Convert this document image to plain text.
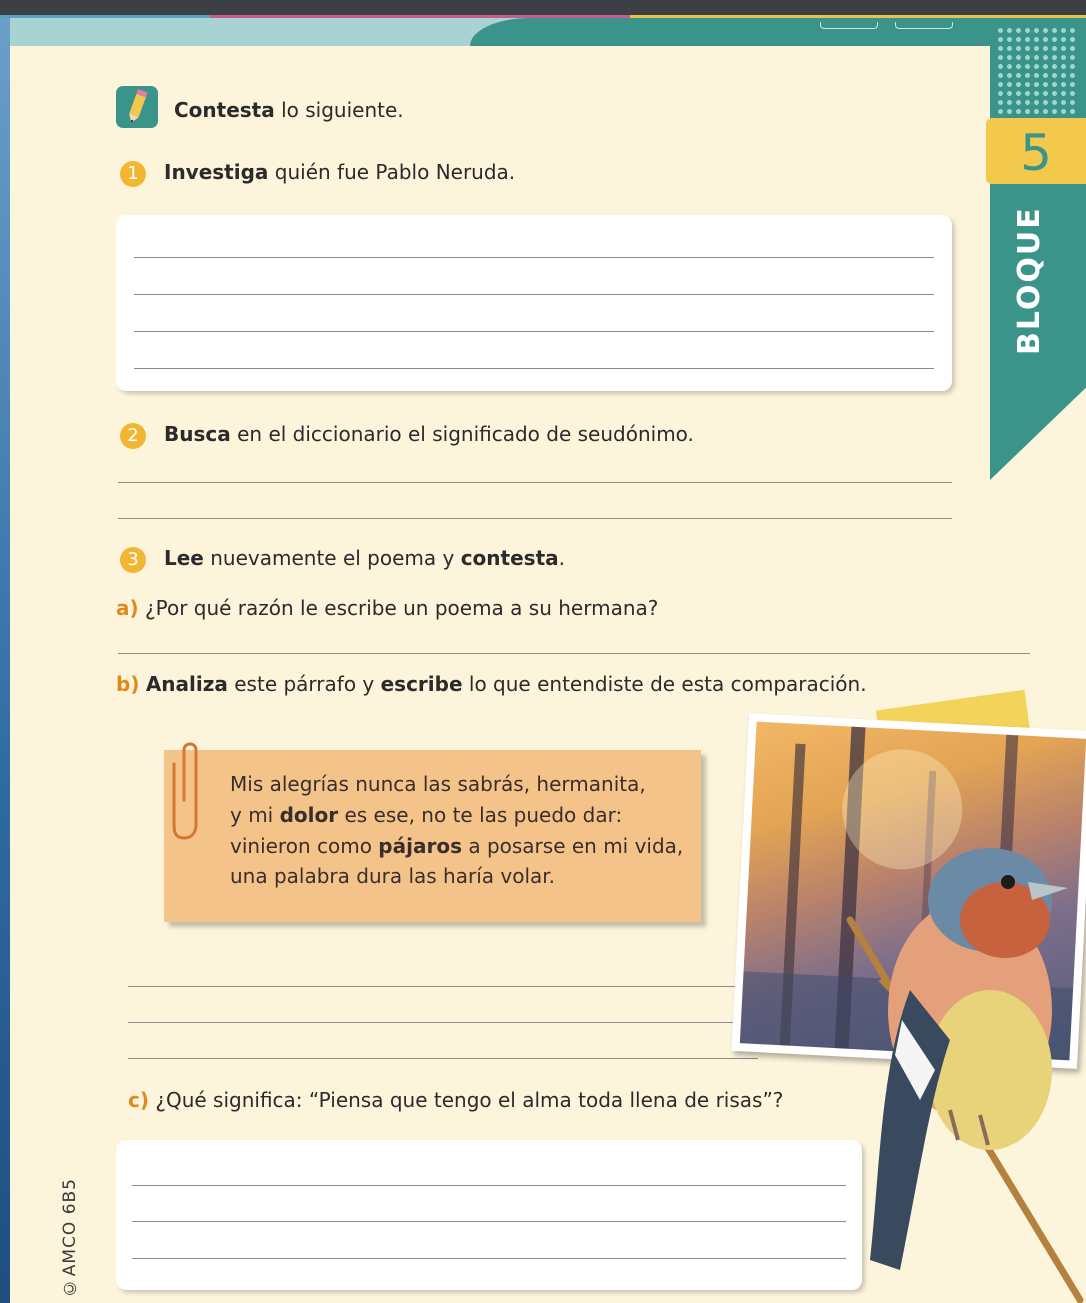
5
BLOQUE
Contesta lo siguiente.
1	Investiga quién fue Pablo Neruda.
2	Busca en el diccionario el significado de seudónimo.
3	Lee nuevamente el poema y contesta.
a) ¿Por qué razón le escribe un poema a su hermana?
b) Analiza este párrafo y escribe lo que entendiste de esta comparación.
Mis alegrías nunca las sabrás, hermanita,
y mi dolor es ese, no te las puedo dar:
vinieron como pájaros a posarse en mi vida,
una palabra dura las haría volar.
c) ¿Qué significa: “Piensa que tengo el alma toda llena de risas”?
©AMCO 6B5
